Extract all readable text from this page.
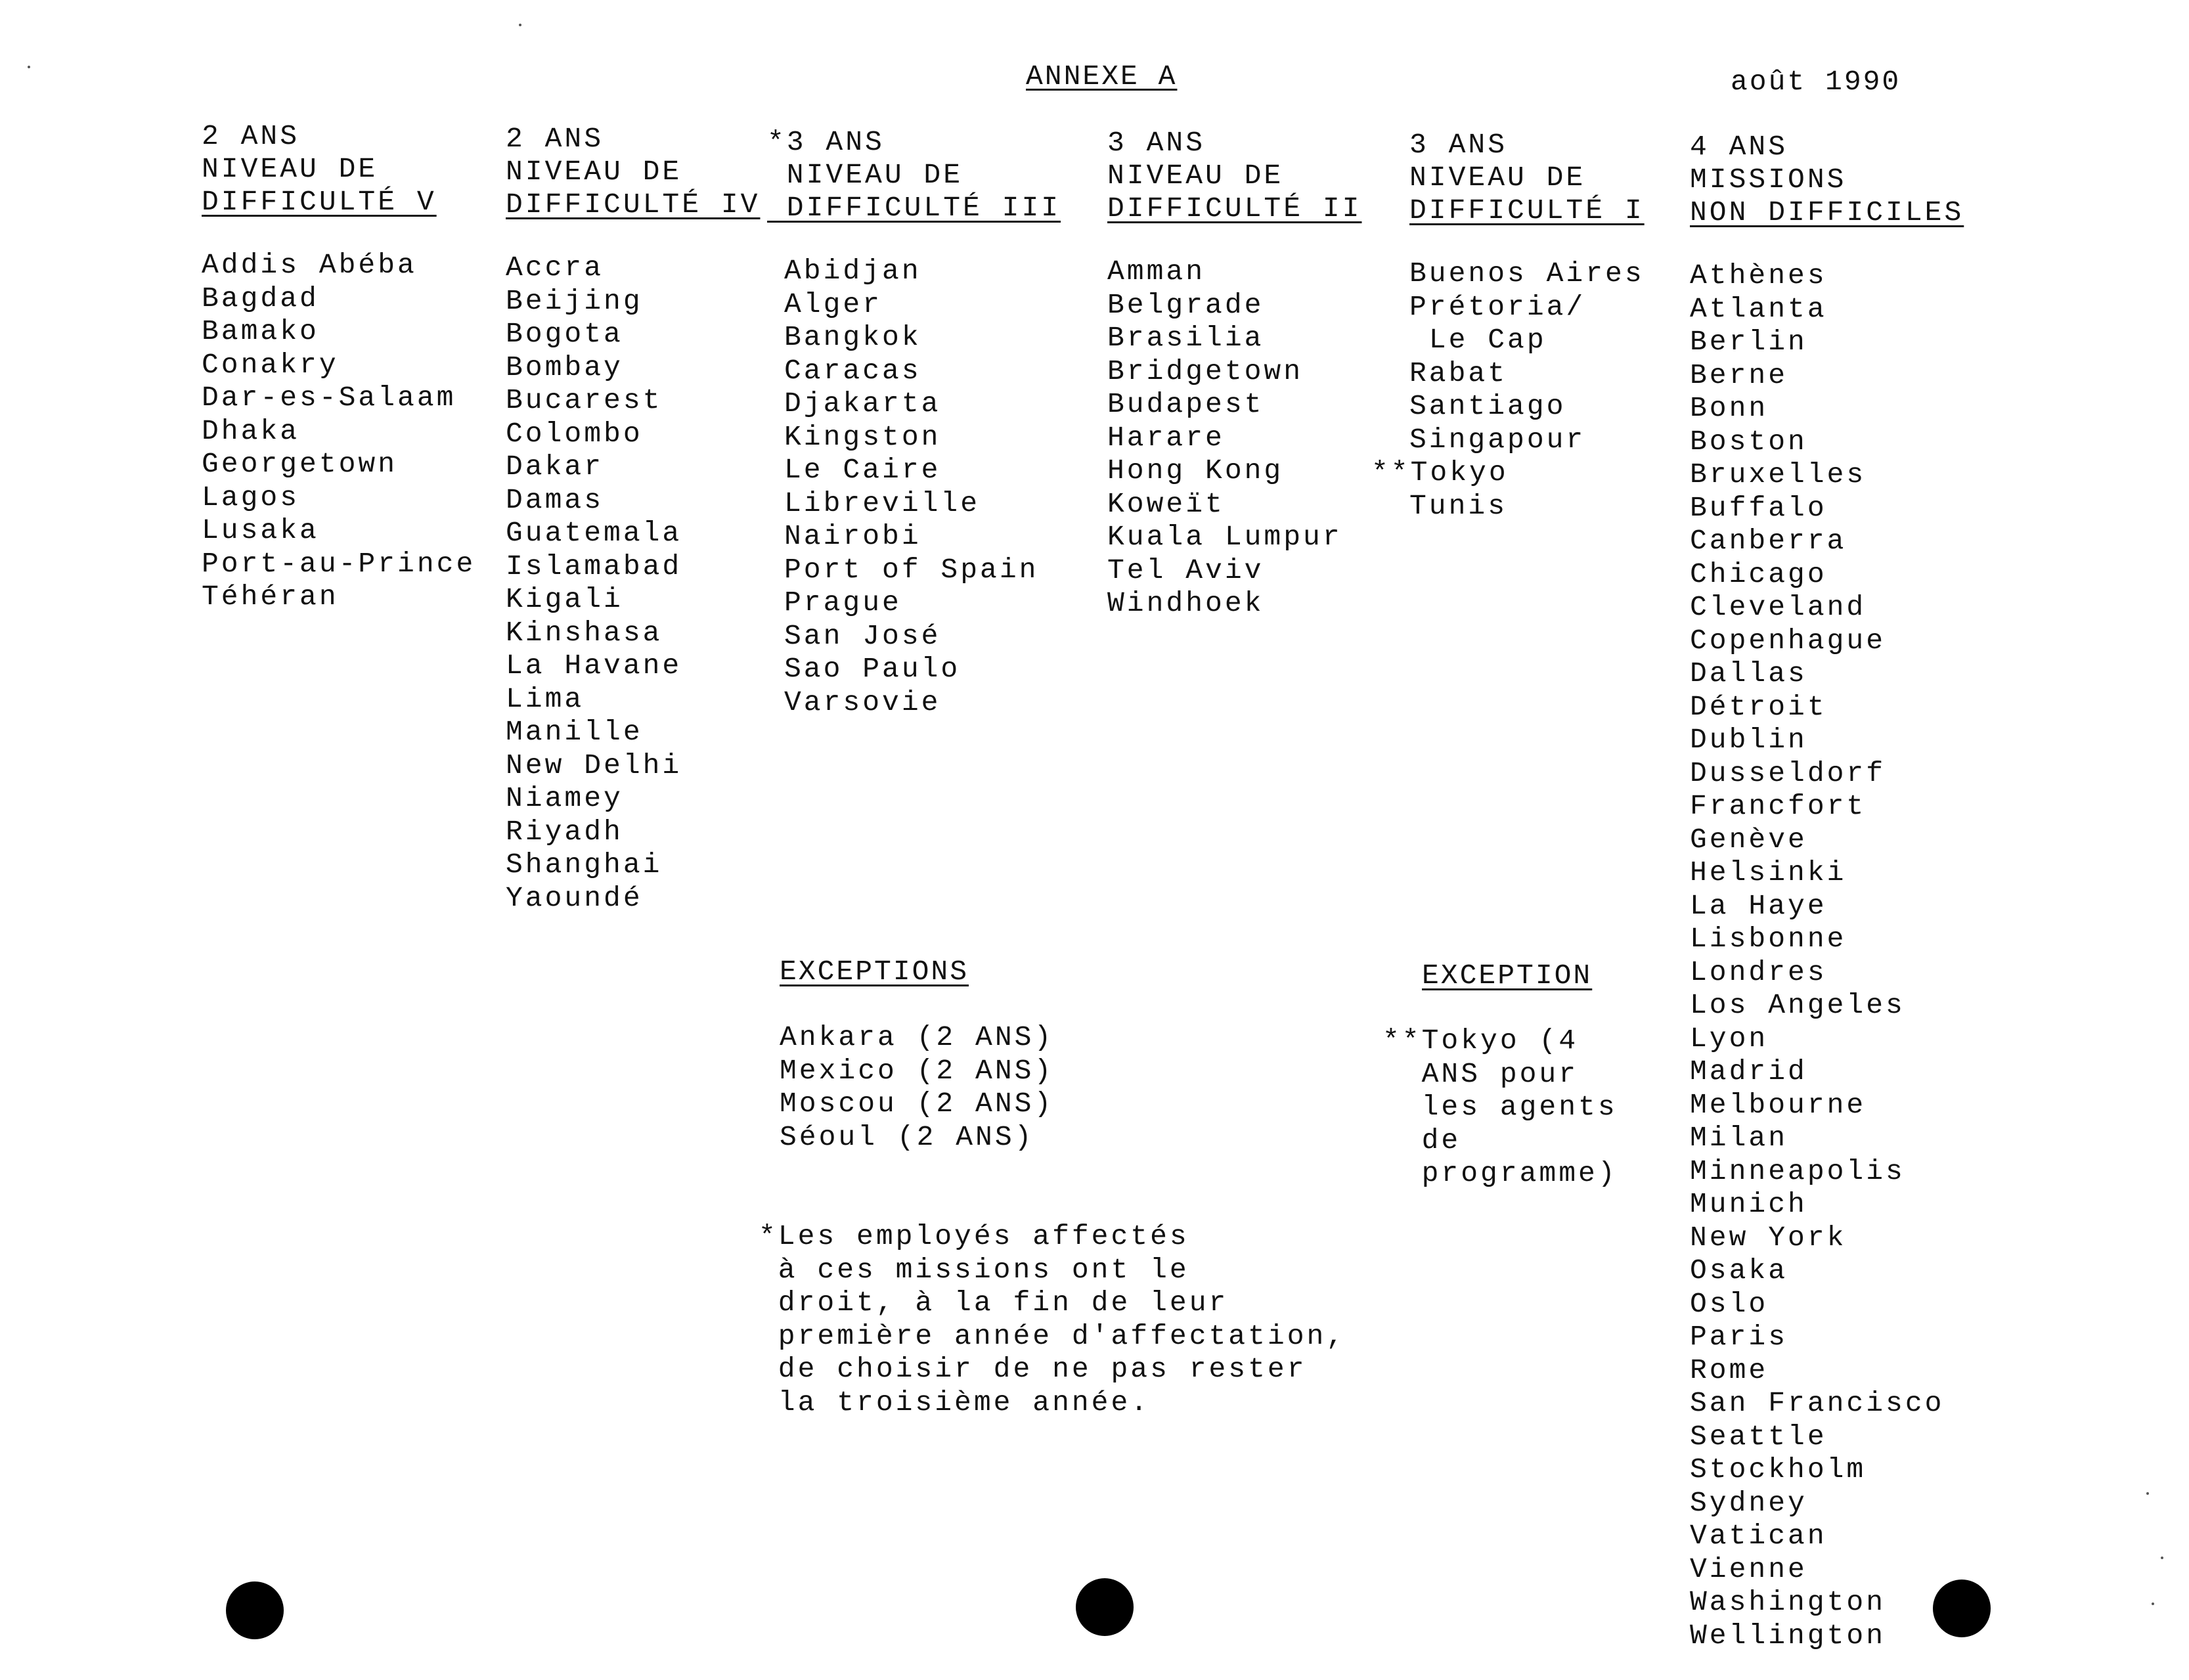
ANNEXE A	août 1990
2 ANS
NIVEAU DE
DIFFICULTÉ V
Addis Abéba
Bagdad
Bamako
Conakry
Dar-es-Salaam
Dhaka
Georgetown
Lagos
Lusaka
Port-au-Prince
Téhéran
2 ANS
NIVEAU DE
DIFFICULTÉ IV
Accra
Beijing
Bogota
Bombay
Bucarest
Colombo
Dakar
Damas
Guatemala
Islamabad
Kigali
Kinshasa
La Havane
Lima
Manille
New Delhi
Niamey
Riyadh
Shanghai
Yaoundé
*3 ANS
NIVEAU DE
DIFFICULTÉ III
Abidjan
Alger
Bangkok
Caracas
Djakarta
Kingston
Le Caire
Libreville
Nairobi
Port of Spain
Prague
San José
Sao Paulo
Varsovie
3 ANS
NIVEAU DE
DIFFICULTÉ II
Amman
Belgrade
Brasilia
Bridgetown
Budapest
Harare
Hong Kong
Koweït
Kuala Lumpur
Tel Aviv
Windhoek
3 ANS
NIVEAU DE
DIFFICULTÉ I
Buenos Aires
Prétoria/
Le Cap
Rabat
Santiago
Singapour
**Tokyo
Tunis
4 ANS
MISSIONS
NON DIFFICILES
Athènes
Atlanta
Berlin
Berne
Bonn
Boston
Bruxelles
Buffalo
Canberra
Chicago
Cleveland
Copenhague
Dallas
Détroit
Dublin
Dusseldorf
Francfort
Genève
Helsinki
La Haye
Lisbonne
Londres
Los Angeles
Lyon
Madrid
Melbourne
Milan
Minneapolis
Munich
New York
Osaka
Oslo
Paris
Rome
San Francisco
Seattle
Stockholm
Sydney
Vatican
Vienne
Washington
Wellington
EXCEPTIONS
Ankara (2 ANS)
Mexico (2 ANS)
Moscou (2 ANS)
Séoul (2 ANS)
EXCEPTION
**Tokyo (4
ANS pour
les agents
de
programme)
*Les employés affectés
à ces missions ont le
droit, à la fin de leur
première année d'affectation,
de choisir de ne pas rester
la troisième année.
